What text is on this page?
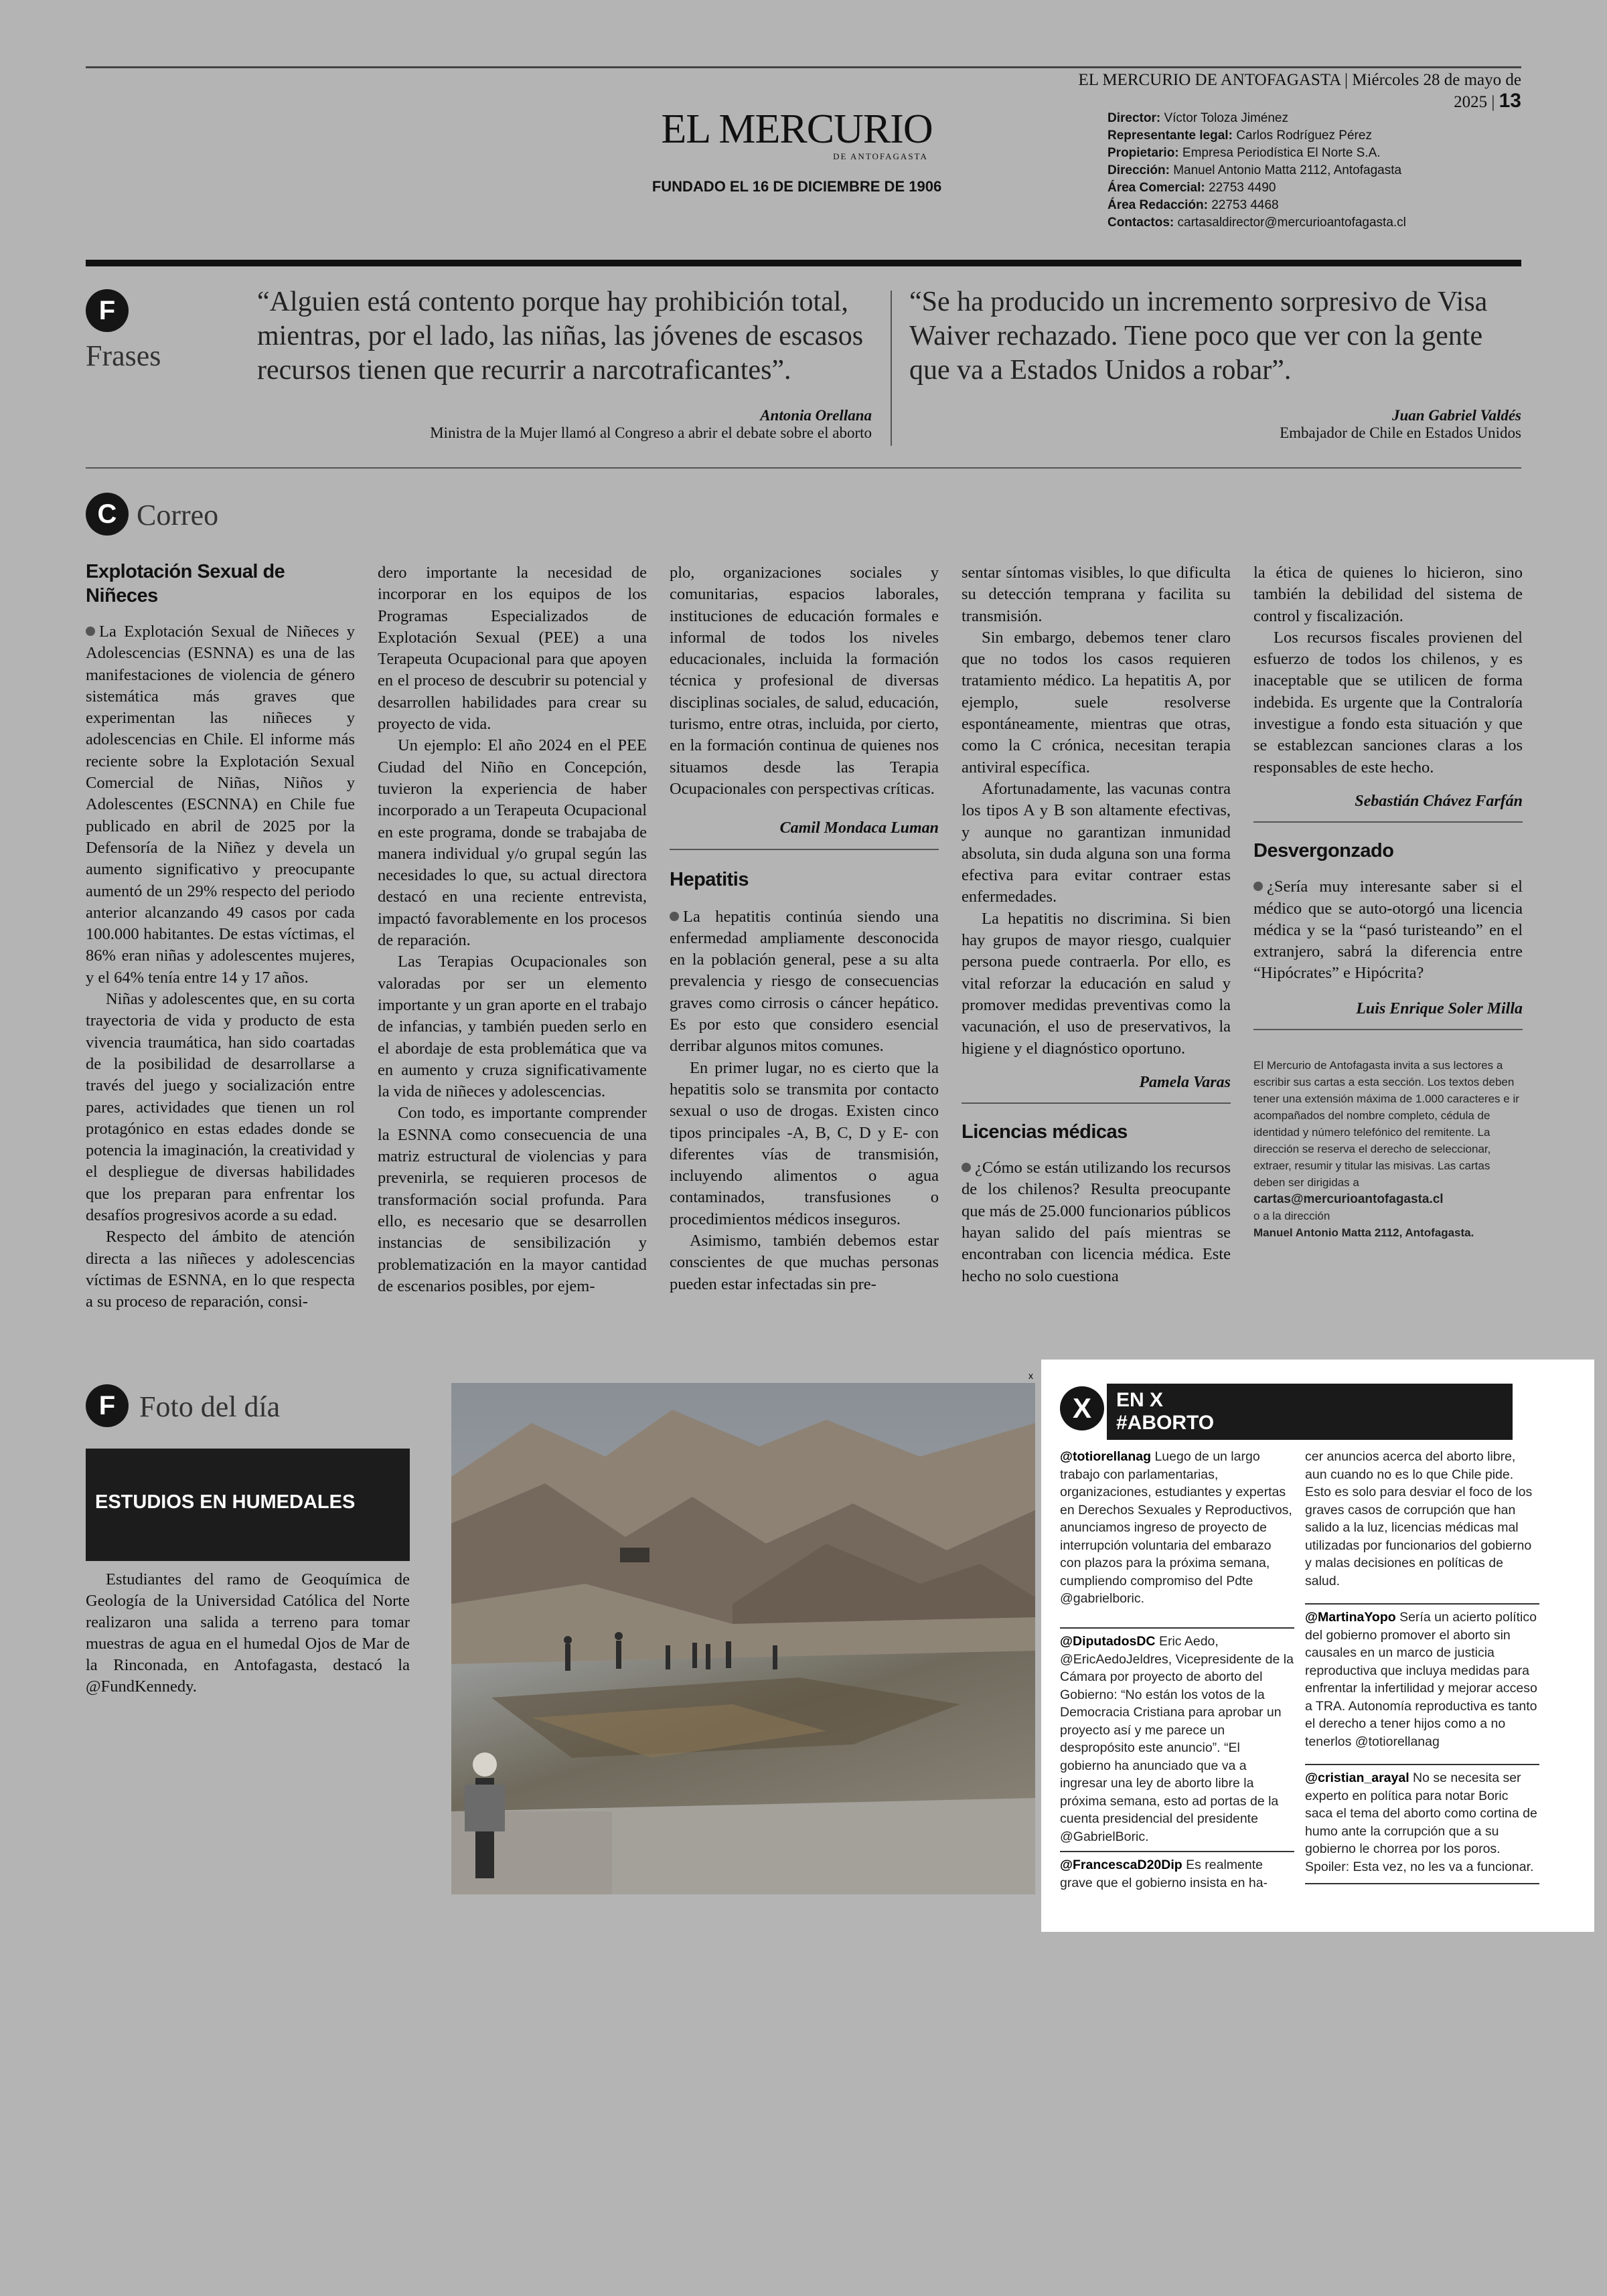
EL MERCURIO DE ANTOFAGASTA | Miércoles 28 de mayo de 2025 | 13
EL MERCURIO
DE ANTOFAGASTA
FUNDADO EL 16 DE DICIEMBRE DE 1906
Director: Víctor Toloza Jiménez
Representante legal: Carlos Rodríguez Pérez
Propietario: Empresa Periodística El Norte S.A.
Dirección: Manuel Antonio Matta 2112, Antofagasta
Área Comercial: 22753 4490
Área Redacción: 22753 4468
Contactos: cartasaldirector@mercurioantofagasta.cl
F
Frases
“Alguien está contento porque hay prohibición total, mientras, por el lado, las niñas, las jóvenes de escasos recursos tienen que recurrir a narcotraficantes”.
Antonia Orellana
Ministra de la Mujer llamó al Congreso a abrir el debate sobre el aborto
“Se ha producido un incremento sorpresivo de Visa Waiver rechazado. Tiene poco que ver con la gente que va a Estados Unidos a robar”.
Juan Gabriel Valdés
Embajador de Chile en Estados Unidos
C Correo
Explotación Sexual de Niñeces

La Explotación Sexual de Niñeces y Adolescencias (ESNNA) es una de las manifestaciones de violencia de género sistemática más graves que experimentan las niñeces y adolescencias en Chile. El informe más reciente sobre la Explotación Sexual Comercial de Niñas, Niños y Adolescentes (ESCNNA) en Chile fue publicado en abril de 2025 por la Defensoría de la Niñez y devela un aumento significativo y preocupante aumentó de un 29% respecto del periodo anterior alcanzando 49 casos por cada 100.000 habitantes. De estas víctimas, el 86% eran niñas y adolescentes mujeres, y el 64% tenía entre 14 y 17 años.

Niñas y adolescentes que, en su corta trayectoria de vida y producto de esta vivencia traumática, han sido coartadas de la posibilidad de desarrollarse a través del juego y socialización entre pares, actividades que tienen un rol protagónico en estas edades donde se potencia la imaginación, la creatividad y el despliegue de diversas habilidades que los preparan para enfrentar los desafíos progresivos acorde a su edad.

Respecto del ámbito de atención directa a las niñeces y adolescencias víctimas de ESNNA, en lo que respecta a su proceso de reparación, consi-

dero importante la necesidad de incorporar en los equipos de los Programas Especializados de Explotación Sexual (PEE) a una Terapeuta Ocupacional para que apoyen en el proceso de descubrir su potencial y desarrollen habilidades para crear su proyecto de vida.

Un ejemplo: El año 2024 en el PEE Ciudad del Niño en Concepción, tuvieron la experiencia de haber incorporado a un Terapeuta Ocupacional en este programa, donde se trabajaba de manera individual y/o grupal según las necesidades lo que, su actual directora destacó en una reciente entrevista, impactó favorablemente en los procesos de reparación.

Las Terapias Ocupacionales son valoradas por ser un elemento importante y un gran aporte en el trabajo de infancias, y también pueden serlo en el abordaje de esta problemática que va en aumento y cruza significativamente la vida de niñeces y adolescencias.

Con todo, es importante comprender la ESNNA como consecuencia de una matriz estructural de violencias y para prevenirla, se requieren procesos de transformación social profunda. Para ello, es necesario que se desarrollen instancias de sensibilización y problematización en la mayor cantidad de escenarios posibles, por ejem-

plo, organizaciones sociales y comunitarias, espacios laborales, instituciones de educación formales e informal de todos los niveles educacionales, incluida la formación técnica y profesional de diversas disciplinas sociales, de salud, educación, turismo, entre otras, incluida, por cierto, en la formación continua de quienes nos situamos desde las Terapia Ocupacionales con perspectivas críticas.

Camil Mondaca Luman
Hepatitis

La hepatitis continúa siendo una enfermedad ampliamente desconocida en la población general, pese a su alta prevalencia y riesgo de consecuencias graves como cirrosis o cáncer hepático. Es por esto que considero esencial derribar algunos mitos comunes.

En primer lugar, no es cierto que la hepatitis solo se transmita por contacto sexual o uso de drogas. Existen cinco tipos principales -A, B, C, D y E- con diferentes vías de transmisión, incluyendo alimentos o agua contaminados, transfusiones o procedimientos médicos inseguros.

Asimismo, también debemos estar conscientes de que muchas personas pueden estar infectadas sin pre-

sentar síntomas visibles, lo que dificulta su detección temprana y facilita su transmisión.

Sin embargo, debemos tener claro que no todos los casos requieren tratamiento médico. La hepatitis A, por ejemplo, suele resolverse espontáneamente, mientras que otras, como la C crónica, necesitan terapia antiviral específica.

Afortunadamente, las vacunas contra los tipos A y B son altamente efectivas, y aunque no garantizan inmunidad absoluta, sin duda alguna son una forma efectiva para evitar contraer estas enfermedades.

La hepatitis no discrimina. Si bien hay grupos de mayor riesgo, cualquier persona puede contraerla. Por ello, es vital reforzar la educación en salud y promover medidas preventivas como la vacunación, el uso de preservativos, la higiene y el diagnóstico oportuno.

Pamela Varas
Licencias médicas

¿Cómo se están utilizando los recursos de los chilenos? Resulta preocupante que más de 25.000 funcionarios públicos hayan salido del país mientras se encontraban con licencia médica. Este hecho no solo cuestiona

la ética de quienes lo hicieron, sino también la debilidad del sistema de control y fiscalización.

Los recursos fiscales provienen del esfuerzo de todos los chilenos, y es inaceptable que se utilicen de forma indebida. Es urgente que la Contraloría investigue a fondo esta situación y que se establezcan sanciones claras a los responsables de este hecho.

Sebastián Chávez Farfán
Desvergonzado

¿Sería muy interesante saber si el médico que se auto-otorgó una licencia médica y se la “pasó turisteando” en el extranjero, sabrá la diferencia entre “Hipócrates” e Hipócrita?

Luis Enrique Soler Milla
El Mercurio de Antofagasta invita a sus lectores a escribir sus cartas a esta sección. Los textos deben tener una extensión máxima de 1.000 caracteres e ir acompañados del nombre completo, cédula de identidad y número telefónico del remitente. La dirección se reserva el derecho de seleccionar, extraer, resumir y titular las misivas. Las cartas deben ser dirigidas a
cartas@mercurioantofagasta.cl
o a la dirección
Manuel Antonio Matta 2112, Antofagasta.
F Foto del día
ESTUDIOS EN HUMEDALES
Estudiantes del ramo de Geoquímica de Geología de la Universidad Católica del Norte realizaron una salida a terreno para tomar muestras de agua en el humedal Ojos de Mar de la Rinconada, en Antofagasta, destacó la @FundKennedy.
x
X	EN X
#ABORTO
@totiorellanag Luego de un largo trabajo con parlamentarias, organizaciones, estudiantes y expertas en Derechos Sexuales y Reproductivos, anunciamos ingreso de proyecto de interrupción voluntaria del embarazo con plazos para la próxima semana, cumpliendo compromiso del Pdte @gabrielboric.
@DiputadosDC Eric Aedo, @EricAedoJeldres, Vicepresidente de la Cámara por proyecto de aborto del Gobierno: “No están los votos de la Democracia Cristiana para aprobar un proyecto así y me parece un despropósito este anuncio”. “El gobierno ha anunciado que va a ingresar una ley de aborto libre la próxima semana, esto ad portas de la cuenta presidencial del presidente @GabrielBoric.
@FrancescaD20Dip Es realmente grave que el gobierno insista en ha-
cer anuncios acerca del aborto libre, aun cuando no es lo que Chile pide. Esto es solo para desviar el foco de los graves casos de corrupción que han salido a la luz, licencias médicas mal utilizadas por funcionarios del gobierno y malas decisiones en políticas de salud.
@MartinaYopo Sería un acierto político del gobierno promover el aborto sin causales en un marco de justicia reproductiva que incluya medidas para enfrentar la infertilidad y mejorar acceso a TRA. Autonomía reproductiva es tanto el derecho a tener hijos como a no tenerlos @totiorellanag
@cristian_arayal No se necesita ser experto en política para notar Boric saca el tema del aborto como cortina de humo ante la corrupción que a su gobierno le chorrea por los poros. Spoiler: Esta vez, no les va a funcionar.
